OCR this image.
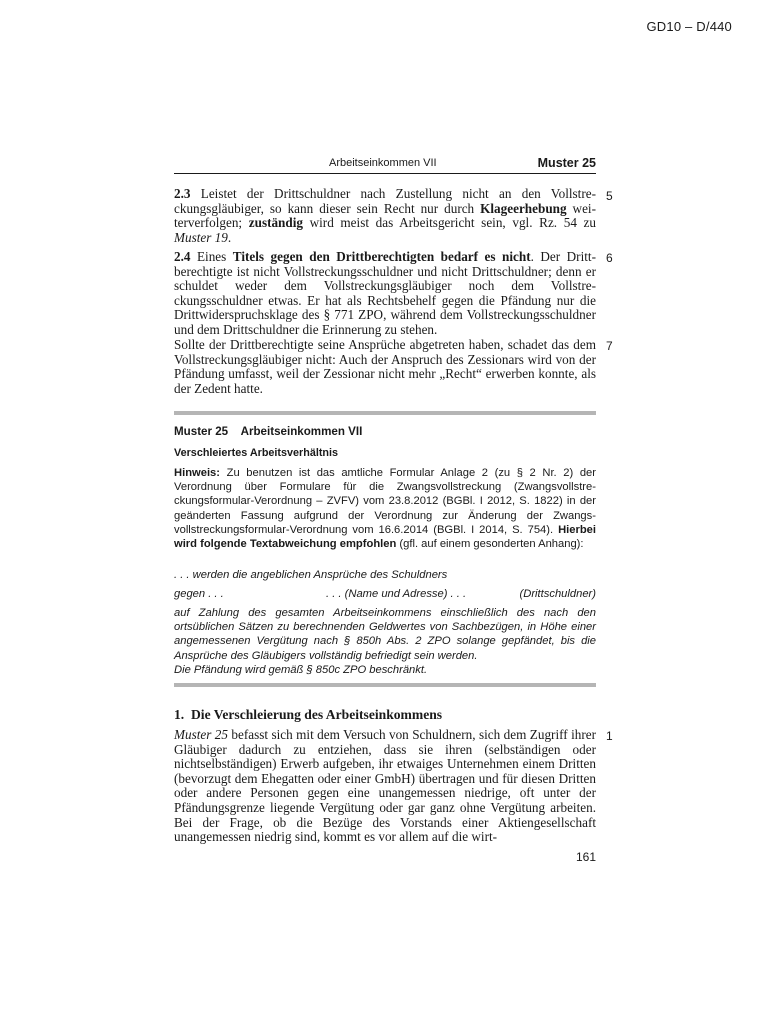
GD10 – D/440
Arbeitseinkommen VII	Muster 25
2.3 Leistet der Drittschuldner nach Zustellung nicht an den Vollstreckungsgläubiger, so kann dieser sein Recht nur durch Klageerhebung weiterverfolgen; zuständig wird meist das Arbeitsgericht sein, vgl. Rz. 54 zu Muster 19.
5
2.4 Eines Titels gegen den Drittberechtigten bedarf es nicht. Der Drittberechtigte ist nicht Vollstreckungsschuldner und nicht Drittschuldner; denn er schuldet weder dem Vollstreckungsgläubiger noch dem Vollstreckungsschuldner etwas. Er hat als Rechtsbehelf gegen die Pfändung nur die Drittwiderspruchsklage des § 771 ZPO, während dem Vollstreckungsschuldner und dem Drittschuldner die Erinnerung zu stehen.
6
Sollte der Drittberechtigte seine Ansprüche abgetreten haben, schadet das dem Vollstreckungsgläubiger nicht: Auch der Anspruch des Zessionars wird von der Pfändung umfasst, weil der Zessionar nicht mehr „Recht“ erwerben konnte, als der Zedent hatte.
7
Muster 25    Arbeitseinkommen VII
Verschleiertes Arbeitsverhältnis
Hinweis: Zu benutzen ist das amtliche Formular Anlage 2 (zu § 2 Nr. 2) der Verordnung über Formulare für die Zwangsvollstreckung (Zwangsvollstreckungsformular-Verordnung – ZVFV) vom 23.8.2012 (BGBl. I 2012, S. 1822) in der geänderten Fassung aufgrund der Verordnung zur Änderung der Zwangsvollstreckungsformular-Verordnung vom 16.6.2014 (BGBl. I 2014, S. 754). Hierbei wird folgende Textabweichung empfohlen (gfl. auf einem gesonderten Anhang):
. . . werden die angeblichen Ansprüche des Schuldners
gegen . . .	. . . (Name und Adresse) . . .	(Drittschuldner)
auf Zahlung des gesamten Arbeitseinkommens einschließlich des nach den ortsüblichen Sätzen zu berechnenden Geldwertes von Sachbezügen, in Höhe einer angemessenen Vergütung nach § 850h Abs. 2 ZPO solange gepfändet, bis die Ansprüche des Gläubigers vollständig befriedigt sein werden.
Die Pfändung wird gemäß § 850c ZPO beschränkt.
1.  Die Verschleierung des Arbeitseinkommens
Muster 25 befasst sich mit dem Versuch von Schuldnern, sich dem Zugriff ihrer Gläubiger dadurch zu entziehen, dass sie ihren (selbständigen oder nichtselbständigen) Erwerb aufgeben, ihr etwaiges Unternehmen einem Dritten (bevorzugt dem Ehegatten oder einer GmbH) übertragen und für diesen Dritten oder andere Personen gegen eine unangemessen niedrige, oft unter der Pfändungsgrenze liegende Vergütung oder gar ganz ohne Vergütung arbeiten. Bei der Frage, ob die Bezüge des Vorstands einer Aktiengesellschaft unangemessen niedrig sind, kommt es vor allem auf die wirt-
1
161
